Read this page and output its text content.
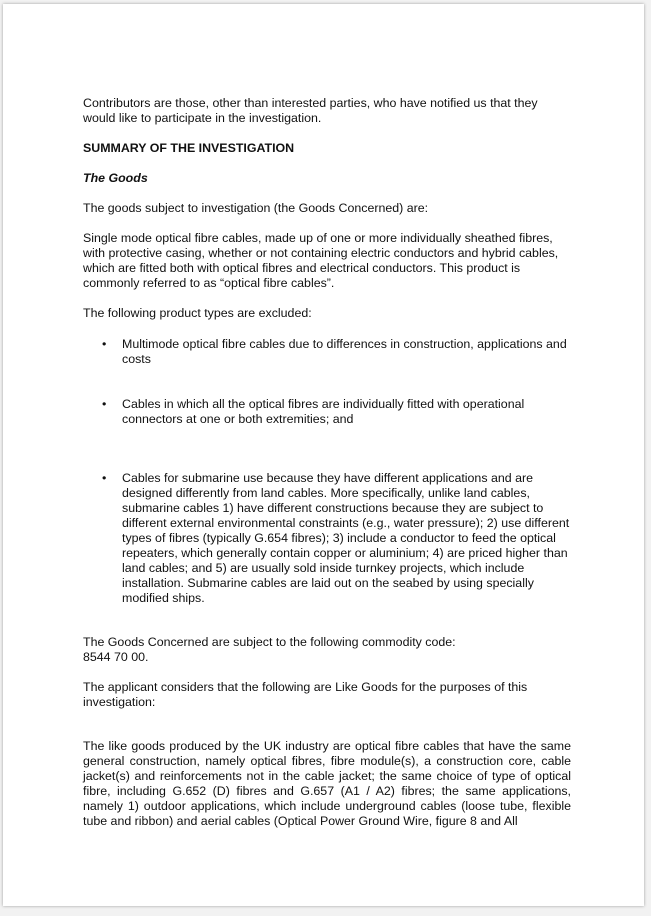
Contributors are those, other than interested parties, who have notified us that they would like to participate in the investigation.

SUMMARY OF THE INVESTIGATION

The Goods

The goods subject to investigation (the Goods Concerned) are:

Single mode optical fibre cables, made up of one or more individually sheathed fibres, with protective casing, whether or not containing electric conductors and hybrid cables, which are fitted both with optical fibres and electrical conductors. This product is commonly referred to as “optical fibre cables”.

The following product types are excluded:

• Multimode optical fibre cables due to differences in construction, applications and costs
• Cables in which all the optical fibres are individually fitted with operational connectors at one or both extremities; and
• Cables for submarine use because they have different applications and are designed differently from land cables. More specifically, unlike land cables, submarine cables 1) have different constructions because they are subject to different external environmental constraints (e.g., water pressure); 2) use different types of fibres (typically G.654 fibres); 3) include a conductor to feed the optical repeaters, which generally contain copper or aluminium; 4) are priced higher than land cables; and 5) are usually sold inside turnkey projects, which include installation. Submarine cables are laid out on the seabed by using specially modified ships.

The Goods Concerned are subject to the following commodity code:

8544 70 00.

The applicant considers that the following are Like Goods for the purposes of this investigation:

The like goods produced by the UK industry are optical fibre cables that have the same general construction, namely optical fibres, fibre module(s), a construction core, cable jacket(s) and reinforcements not in the cable jacket; the same choice of type of optical fibre, including G.652 (D) fibres and G.657 (A1 / A2) fibres; the same applications, namely 1) outdoor applications, which include underground cables (loose tube, flexible tube and ribbon) and aerial cables (Optical Power Ground Wire, figure 8 and All
